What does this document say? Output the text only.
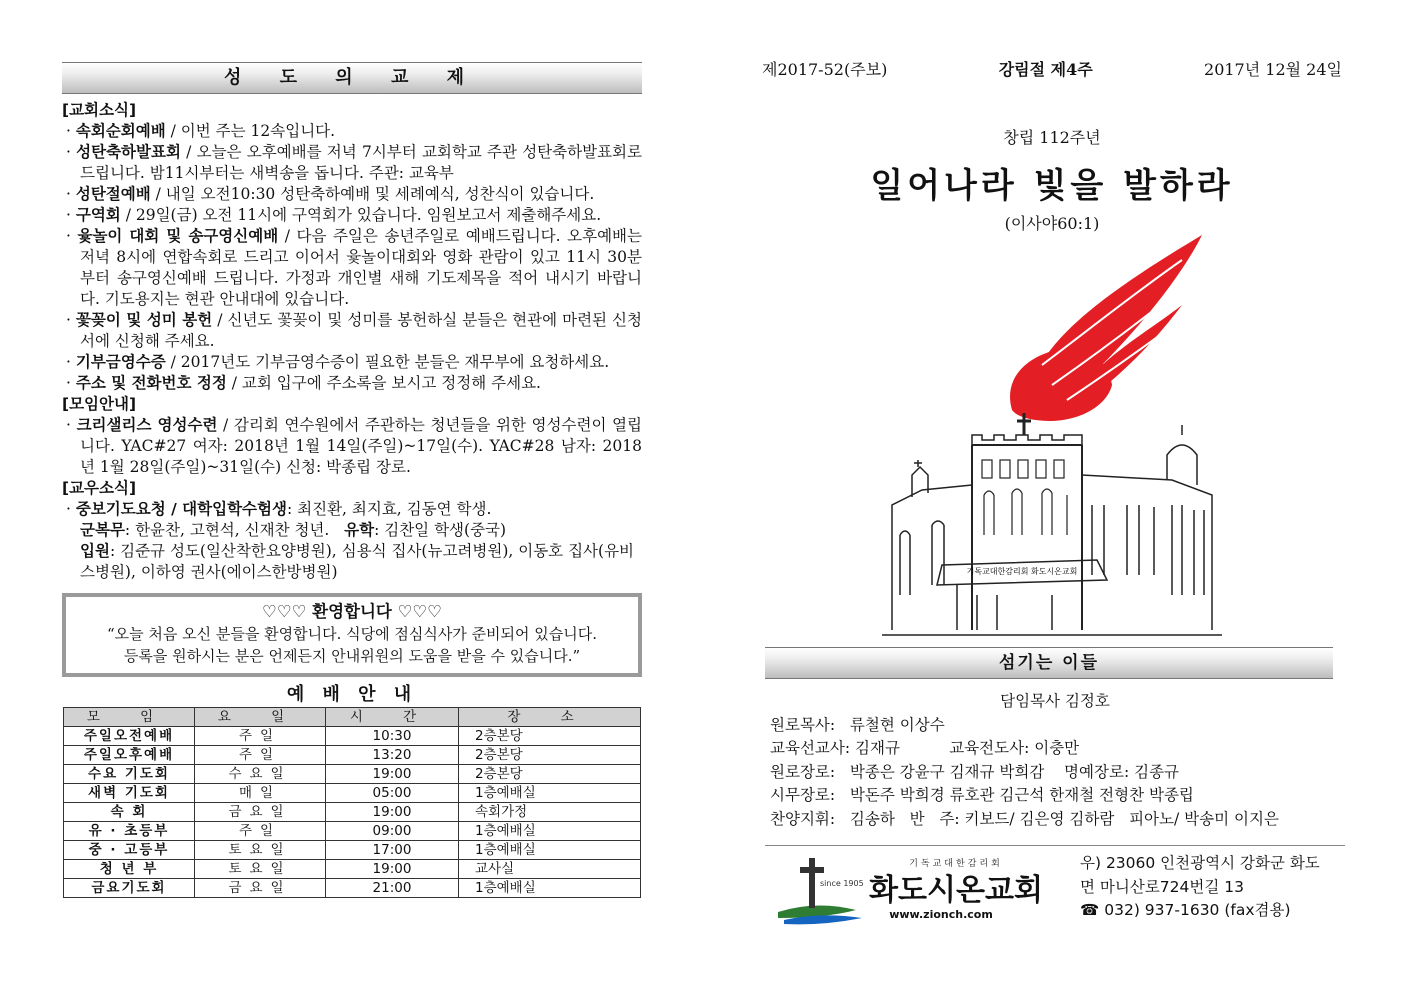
성 도 의 교 제
[교회소식]
· 속회순회예배 / 이번 주는 12속입니다.
· 성탄축하발표회 / 오늘은 오후예배를 저녁 7시부터 교회학교 주관 성탄축하발표회로 드립니다. 밤11시부터는 새벽송을 돕니다. 주관: 교육부
· 성탄절예배 / 내일 오전10:30 성탄축하예배 및 세례예식, 성찬식이 있습니다.
· 구역회 / 29일(금) 오전 11시에 구역회가 있습니다. 임원보고서 제출해주세요.
· 윷놀이 대회 및 송구영신예배 / 다음 주일은 송년주일로 예배드립니다. 오후예배는 저녁 8시에 연합속회로 드리고 이어서 윷놀이대회와 영화 관람이 있고 11시 30분부터 송구영신예배 드립니다. 가정과 개인별 새해 기도제목을 적어 내시기 바랍니다. 기도용지는 현관 안내대에 있습니다.
· 꽃꽂이 및 성미 봉헌 / 신년도 꽃꽂이 및 성미를 봉헌하실 분들은 현관에 마련된 신청서에 신청해 주세요.
· 기부금영수증 / 2017년도 기부금영수증이 필요한 분들은 재무부에 요청하세요.
· 주소 및 전화번호 정정 / 교회 입구에 주소록을 보시고 정정해 주세요.
[모임안내]
· 크리샐리스 영성수련 / 감리회 연수원에서 주관하는 청년들을 위한 영성수련이 열립니다. YAC#27 여자: 2018년 1월 14일(주일)~17일(수). YAC#28 남자: 2018년 1월 28일(주일)~31일(수) 신청: 박종립 장로.
[교우소식]
· 중보기도요청 / 대학입학수험생: 최진환, 최지효, 김동연 학생.
군복무: 한윤찬, 고현석, 신재찬 청년. 유학: 김찬일 학생(중국)
입원: 김준규 성도(일산착한요양병원), 심용식 집사(뉴고려병원), 이동호 집사(유비스병원), 이하영 권사(에이스한방병원)
♡♡♡ 환영합니다 ♡♡♡
“오늘 처음 오신 분들을 환영합니다. 식당에 점심식사가 준비되어 있습니다.
등록을 원하시는 분은 언제든지 안내위원의 도움을 받을 수 있습니다.”
예 배 안 내
모 임	요 일	시 간	장 소
주일오전예배	주일	10:30	2층본당
주일오후예배	주일	13:20	2층본당
수요 기도회	수요일	19:00	2층본당
새벽 기도회	매일	05:00	1층예배실
속 회	금요일	19:00	속회가정
유 · 초등부	주일	09:00	1층예배실
중 · 고등부	토요일	17:00	1층예배실
청 년 부	토요일	19:00	교사실
금요기도회	금요일	21:00	1층예배실
제2017-52(주보)	강림절 제4주	2017년 12월 24일
창립 112주년
일어나라 빛을 발하라
(이사야60:1)
기독교대한감리회 화도시온교회
섬기는 이들
담임목사 김정호
원로목사:   류철현 이상수
교육선교사: 김재규          교육전도사: 이충만
원로장로:   박종은 강윤구 김재규 박희감    명예장로: 김종규
시무장로:   박돈주 박희경 류호관 김근석 한재철 전형찬 박종립
찬양지휘:   김송하   반   주: 키보드/ 김은영 김하람   피아노/ 박송미 이지은
since 1905
기독교대한감리회
화도시온교회
www.zionch.com
우) 23060 인천광역시 강화군 화도
면 마니산로724번길 13
☎ 032) 937-1630 (fax겸용)
